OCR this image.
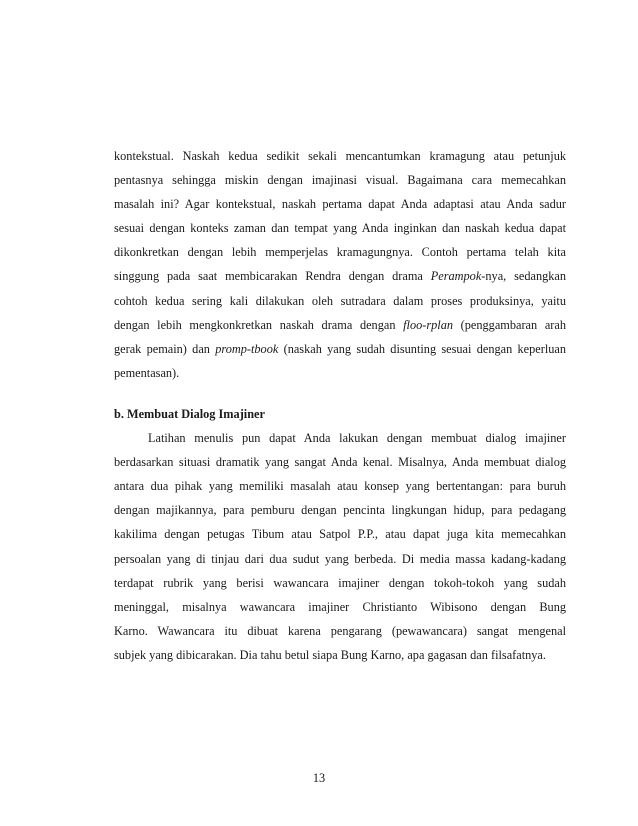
kontekstual. Naskah kedua sedikit sekali mencantumkan kramagung atau petunjuk
pentasnya sehingga miskin dengan imajinasi visual. Bagaimana cara memecahkan
masalah ini? Agar kontekstual, naskah pertama dapat Anda adaptasi atau Anda sadur
sesuai dengan konteks zaman dan tempat yang Anda inginkan dan naskah kedua dapat
dikonkretkan dengan lebih memperjelas kramagungnya. Contoh pertama telah kita
singgung pada saat membicarakan Rendra dengan drama Perampok-nya, sedangkan
cohtoh kedua sering kali dilakukan oleh sutradara dalam proses produksinya, yaitu
dengan lebih mengkonkretkan naskah drama dengan floo-rplan (penggambaran arah
gerak pemain) dan promp-tbook (naskah yang sudah disunting sesuai dengan keperluan
pementasan).

b. Membuat Dialog Imajiner

Latihan menulis pun dapat Anda lakukan dengan membuat dialog imajiner
berdasarkan situasi dramatik yang sangat Anda kenal. Misalnya, Anda membuat dialog
antara dua pihak yang memiliki masalah atau konsep yang bertentangan: para buruh
dengan majikannya, para pemburu dengan pencinta lingkungan hidup, para pedagang
kakilima dengan petugas Tibum atau Satpol P.P., atau dapat juga kita memecahkan
persoalan yang di tinjau dari dua sudut yang berbeda. Di media massa kadang-kadang
terdapat rubrik yang berisi wawancara imajiner dengan tokoh-tokoh yang sudah
meninggal, misalnya wawancara imajiner Christianto Wibisono dengan Bung
Karno. Wawancara itu dibuat karena pengarang (pewawancara) sangat mengenal
subjek yang dibicarakan. Dia tahu betul siapa Bung Karno, apa gagasan dan filsafatnya.
13
